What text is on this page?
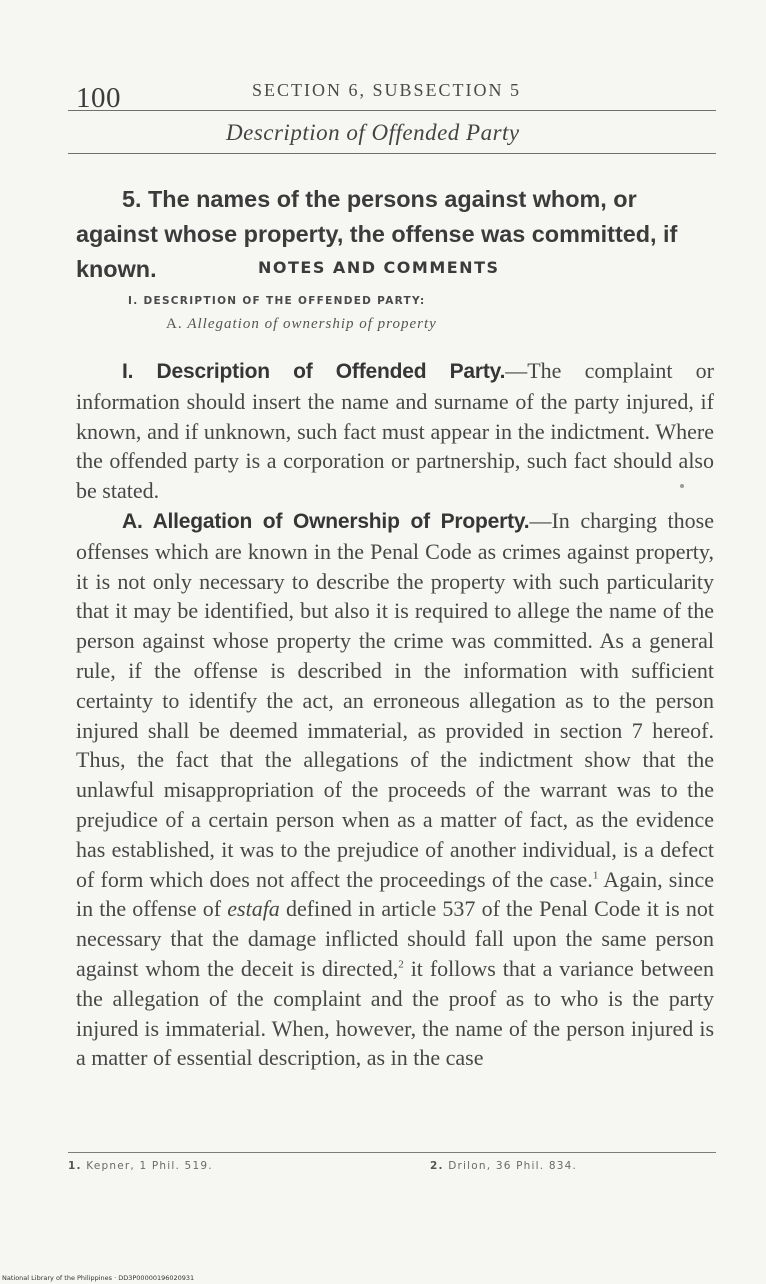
100	SECTION 6, SUBSECTION 5
Description of Offended Party
5. The names of the persons against whom, or against whose property, the offense was committed, if known.	NOTES AND COMMENTS
I. DESCRIPTION OF THE OFFENDED PARTY:
A. Allegation of ownership of property
I. Description of Offended Party.—The complaint or information should insert the name and surname of the party injured, if known, and if unknown, such fact must appear in the indictment. Where the offended party is a corporation or partnership, such fact should also be stated.
A. Allegation of Ownership of Property.—In charging those offenses which are known in the Penal Code as crimes against property, it is not only necessary to describe the property with such particularity that it may be identified, but also it is required to allege the name of the person against whose property the crime was committed. As a general rule, if the offense is described in the information with sufficient certainty to identify the act, an erroneous allegation as to the person injured shall be deemed immaterial, as provided in section 7 hereof. Thus, the fact that the allegations of the indictment show that the unlawful misappropriation of the proceeds of the warrant was to the prejudice of a certain person when as a matter of fact, as the evidence has established, it was to the prejudice of another individual, is a defect of form which does not affect the proceedings of the case.$^1$ Again, since in the offense of estafa defined in article 537 of the Penal Code it is not necessary that the damage inflicted should fall upon the same person against whom the deceit is directed,$^2$ it follows that a variance between the allegation of the complaint and the proof as to who is the party injured is immaterial. When, however, the name of the person injured is a matter of essential description, as in the case
1. Kepner, 1 Phil. 519.	2. Drilon, 36 Phil. 834.
National Library of the Philippines · DD3P00000196020931
